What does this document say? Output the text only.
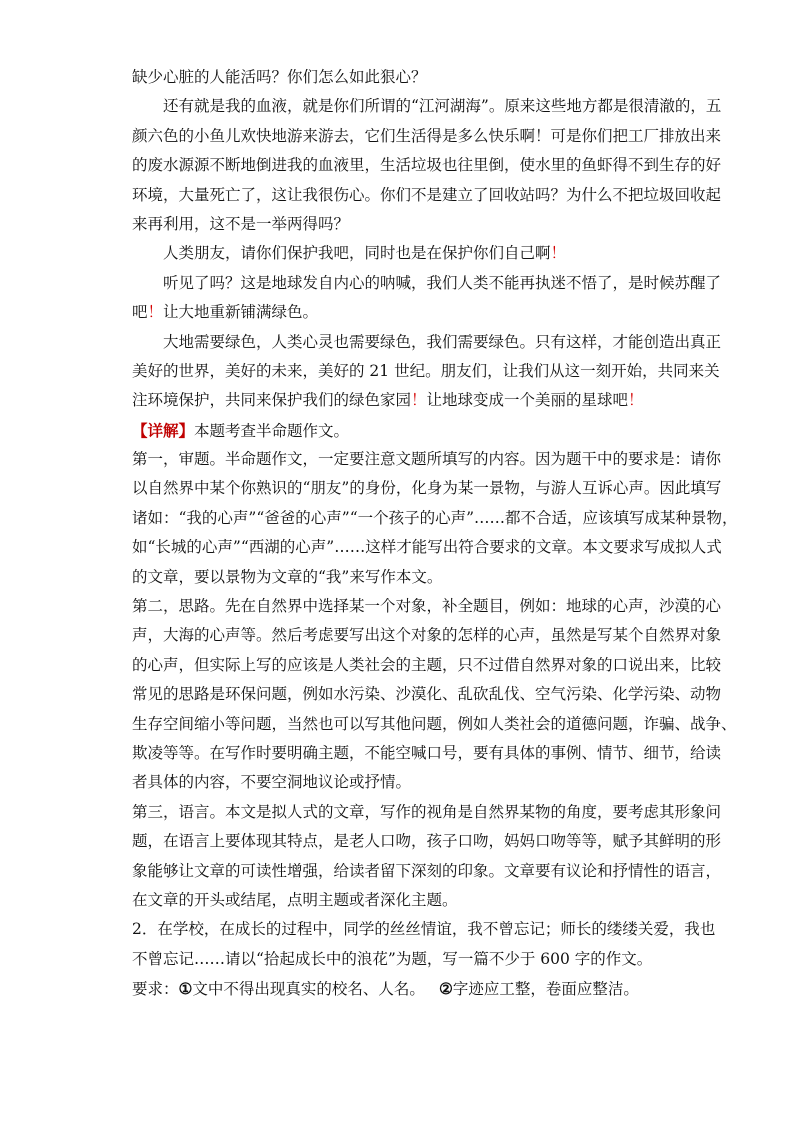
缺少心脏的人能活吗？你们怎么如此狠心？
还有就是我的血液，就是你们所谓的“江河湖海”。原来这些地方都是很清澈的，五
颜六色的小鱼儿欢快地游来游去，它们生活得是多么快乐啊！可是你们把工厂排放出来
的废水源源不断地倒进我的血液里，生活垃圾也往里倒，使水里的鱼虾得不到生存的好
环境，大量死亡了，这让我很伤心。你们不是建立了回收站吗？为什么不把垃圾回收起
来再利用，这不是一举两得吗？
人类朋友，请你们保护我吧，同时也是在保护你们自己啊！
听见了吗？这是地球发自内心的呐喊，我们人类不能再执迷不悟了，是时候苏醒了
吧！让大地重新铺满绿色。
大地需要绿色，人类心灵也需要绿色，我们需要绿色。只有这样，才能创造出真正
美好的世界，美好的未来，美好的 21 世纪。朋友们，让我们从这一刻开始，共同来关
注环境保护，共同来保护我们的绿色家园！让地球变成一个美丽的星球吧！
【详解】本题考查半命题作文。
第一，审题。半命题作文，一定要注意文题所填写的内容。因为题干中的要求是：请你
以自然界中某个你熟识的“朋友”的身份，化身为某一景物，与游人互诉心声。因此填写
诸如：“我的心声”“爸爸的心声”“一个孩子的心声”……都不合适，应该填写成某种景物，
如“长城的心声”“西湖的心声”……这样才能写出符合要求的文章。本文要求写成拟人式
的文章，要以景物为文章的“我”来写作本文。
第二，思路。先在自然界中选择某一个对象，补全题目，例如：地球的心声，沙漠的心
声，大海的心声等。然后考虑要写出这个对象的怎样的心声，虽然是写某个自然界对象
的心声，但实际上写的应该是人类社会的主题，只不过借自然界对象的口说出来，比较
常见的思路是环保问题，例如水污染、沙漠化、乱砍乱伐、空气污染、化学污染、动物
生存空间缩小等问题，当然也可以写其他问题，例如人类社会的道德问题，诈骗、战争、
欺凌等等。在写作时要明确主题，不能空喊口号，要有具体的事例、情节、细节，给读
者具体的内容，不要空洞地议论或抒情。
第三，语言。本文是拟人式的文章，写作的视角是自然界某物的角度，要考虑其形象问
题，在语言上要体现其特点，是老人口吻，孩子口吻，妈妈口吻等等，赋予其鲜明的形
象能够让文章的可读性增强，给读者留下深刻的印象。文章要有议论和抒情性的语言，
在文章的开头或结尾，点明主题或者深化主题。
2．在学校，在成长的过程中，同学的丝丝情谊，我不曾忘记；师长的缕缕关爱，我也
不曾忘记……请以“拾起成长中的浪花”为题，写一篇不少于 600 字的作文。
要求：①文中不得出现真实的校名、人名。 ②字迹应工整，卷面应整洁。
